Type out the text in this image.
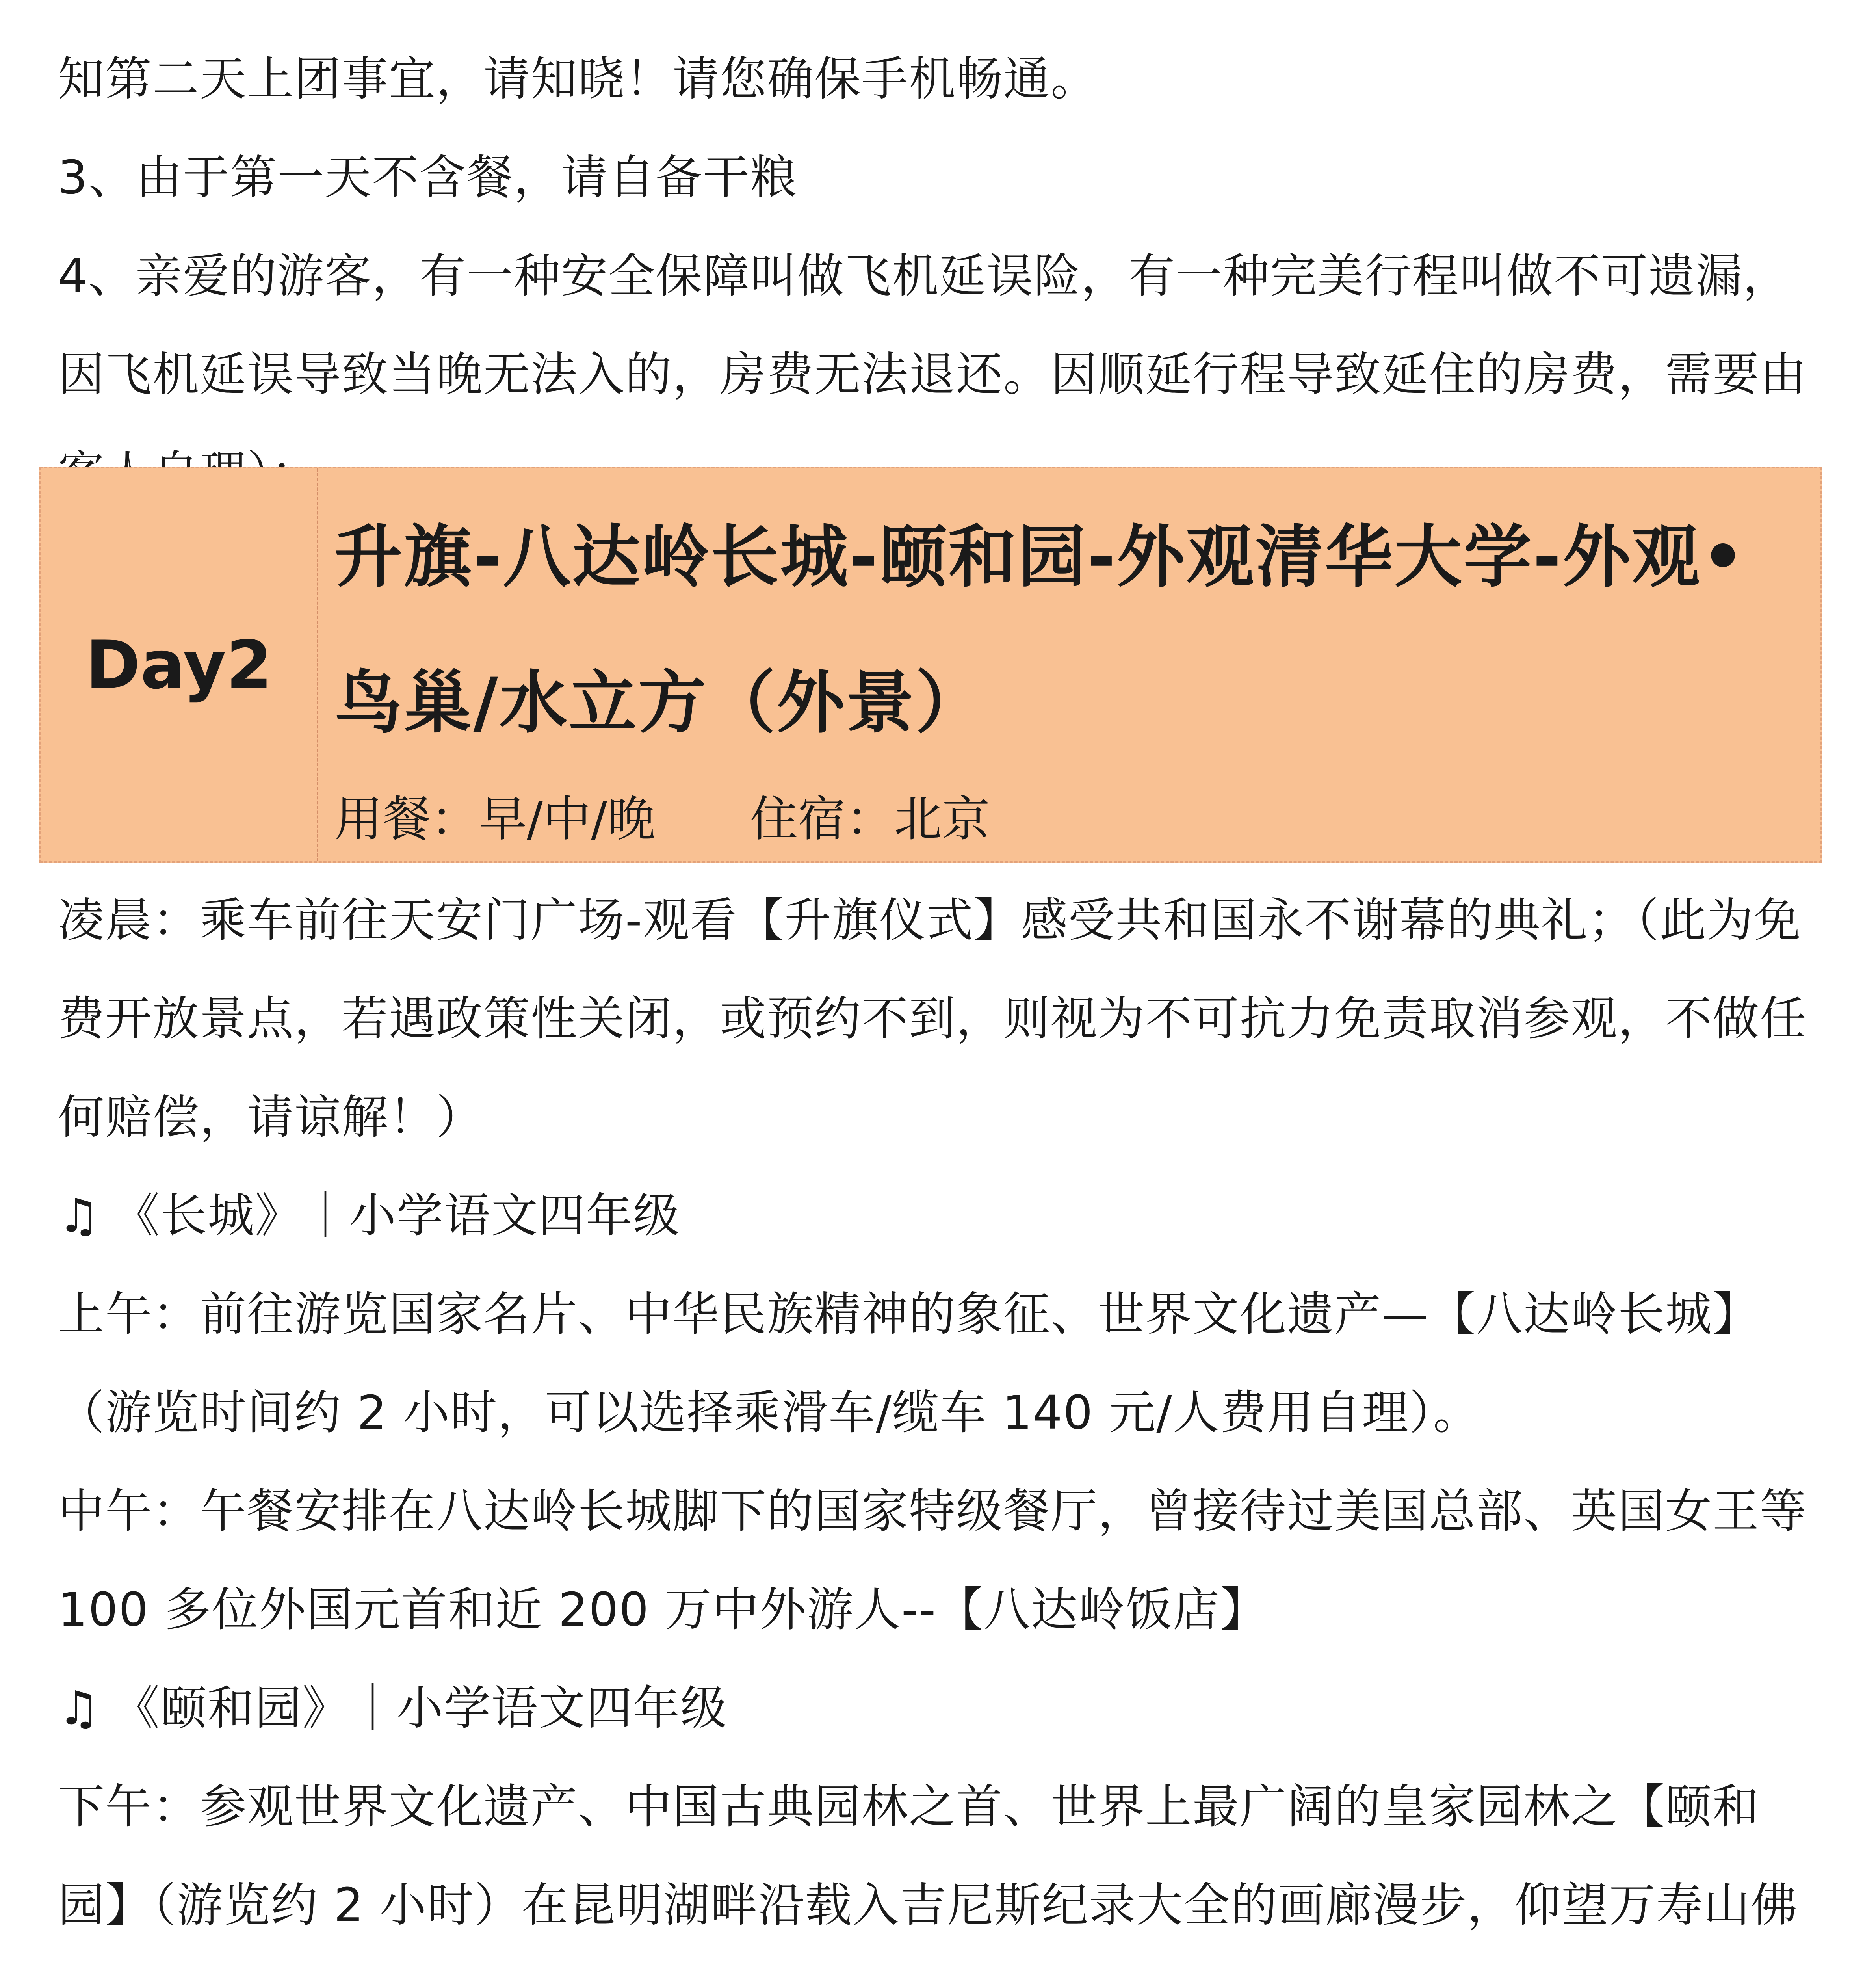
知第二天上团事宜，请知晓！请您确保手机畅通。

3、由于第一天不含餐，请自备干粮

4、亲爱的游客，有一种安全保障叫做飞机延误险，有一种完美行程叫做不可遗漏，因飞机延误导致当晚无法入的，房费无法退还。因顺延行程导致延住的房费，需要由

Day2
升旗-八达岭长城-颐和园-外观清华大学-外观•鸟巢/水立方（外景）
用餐：早/中/晚 住宿：北京

凌晨：乘车前往天安门广场-观看【升旗仪式】感受共和国永不谢幕的典礼；（此为免费开放景点，若遇政策性关闭，或预约不到，则视为不可抗力免责取消参观，不做任何赔偿，请谅解！）

♫ 《长城》｜小学语文四年级

上午：前往游览国家名片、中华民族精神的象征、世界文化遗产—【八达岭长城】（游览时间约 2 小时，可以选择乘滑车/缆车 140 元/人费用自理）。

中午：午餐安排在八达岭长城脚下的国家特级餐厅，曾接待过美国总部、英国女王等 100 多位外国元首和近 200 万中外游人--【八达岭饭店】

♫ 《颐和园》｜小学语文四年级

下午：参观世界文化遗产、中国古典园林之首、世界上最广阔的皇家园林之【颐和园】（游览约 2 小时）在昆明湖畔沿载入吉尼斯纪录大全的画廊漫步，仰望万寿山佛
